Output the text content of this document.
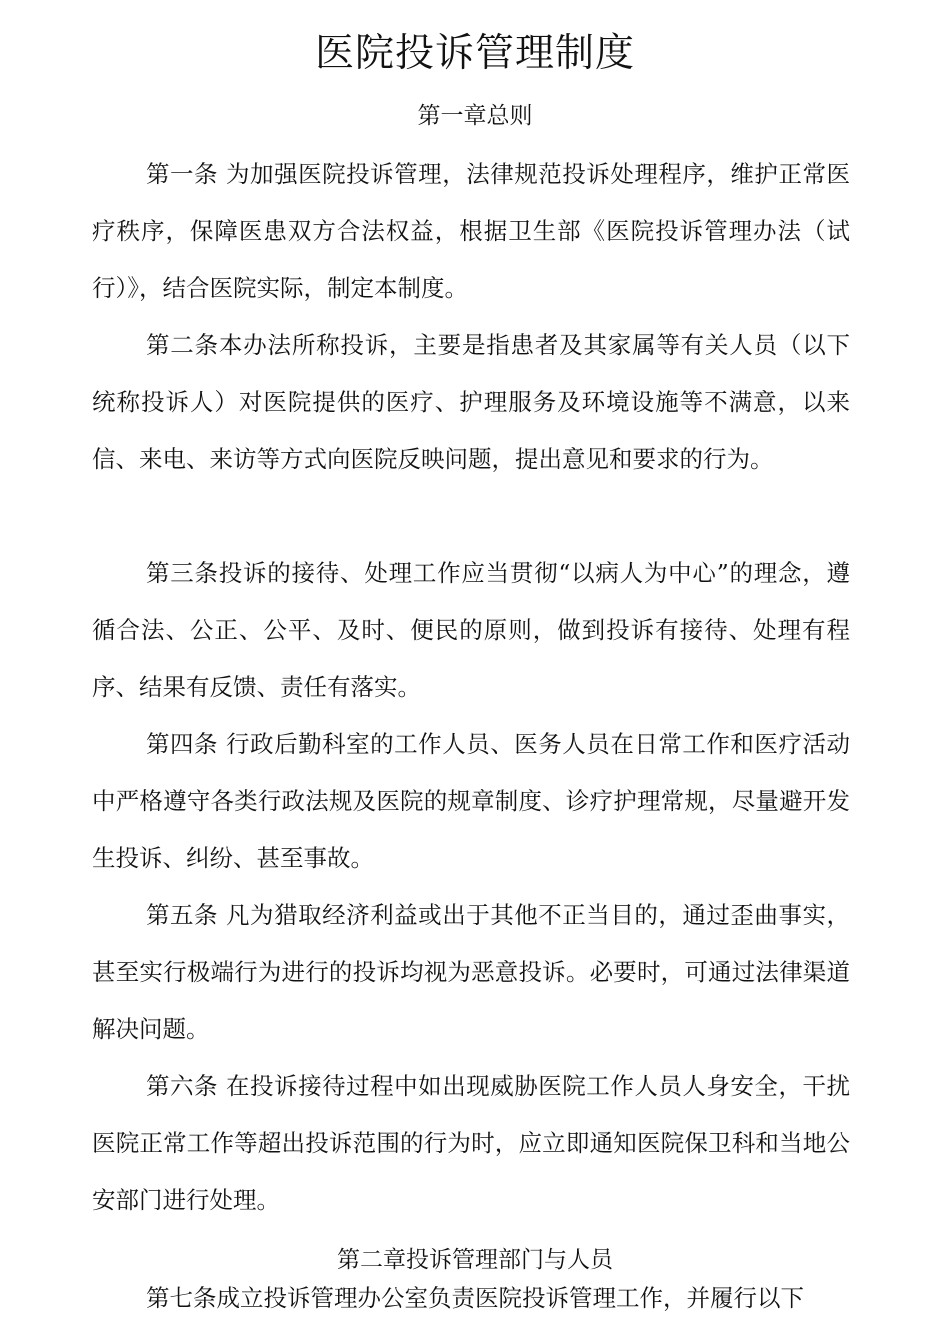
医院投诉管理制度
第一章总则

第一条 为加强医院投诉管理，法律规范投诉处理程序，维护正常医疗秩序，保障医患双方合法权益，根据卫生部《医院投诉管理办法（试行）》，结合医院实际，制定本制度。

第二条本办法所称投诉，主要是指患者及其家属等有关人员（以下统称投诉人）对医院提供的医疗、护理服务及环境设施等不满意，以来信、来电、来访等方式向医院反映问题，提出意见和要求的行为。

第三条投诉的接待、处理工作应当贯彻“以病人为中心”的理念，遵循合法、公正、公平、及时、便民的原则，做到投诉有接待、处理有程序、结果有反馈、责任有落实。

第四条 行政后勤科室的工作人员、医务人员在日常工作和医疗活动中严格遵守各类行政法规及医院的规章制度、诊疗护理常规，尽量避开发生投诉、纠纷、甚至事故。

第五条 凡为猎取经济利益或出于其他不正当目的，通过歪曲事实，甚至实行极端行为进行的投诉均视为恶意投诉。必要时，可通过法律渠道解决问题。

第六条 在投诉接待过程中如出现威胁医院工作人员人身安全，干扰医院正常工作等超出投诉范围的行为时，应立即通知医院保卫科和当地公安部门进行处理。

第二章投诉管理部门与人员

第七条成立投诉管理办公室负责医院投诉管理工作，并履行以下
